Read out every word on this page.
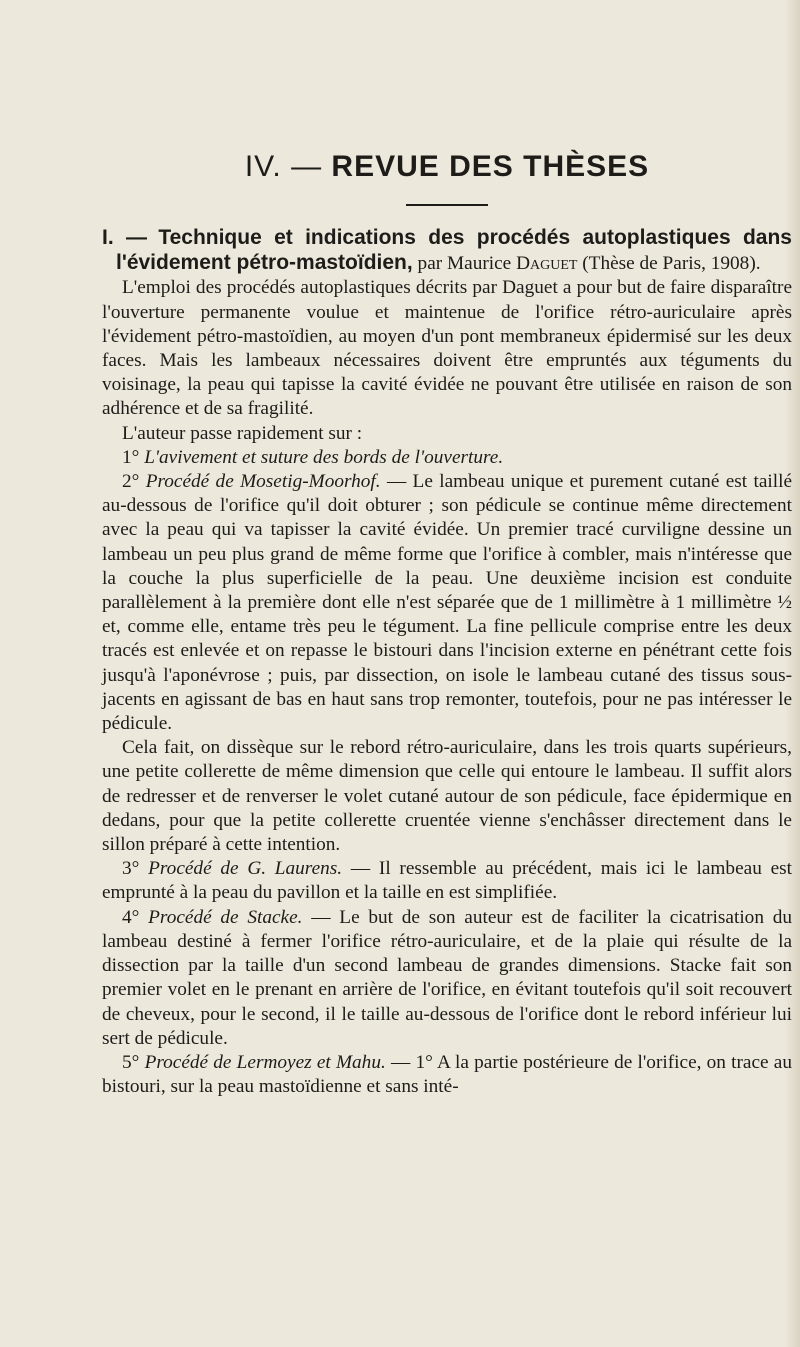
IV. — REVUE DES THÈSES

I. — Technique et indications des procédés autoplastiques dans l'évidement pétro-mastoïdien, par Maurice Daguet (Thèse de Paris, 1908).

L'emploi des procédés autoplastiques décrits par Daguet a pour but de faire disparaître l'ouverture permanente voulue et maintenue de l'orifice rétro-auriculaire après l'évidement pétro-mastoïdien, au moyen d'un pont membraneux épidermisé sur les deux faces. Mais les lambeaux nécessaires doivent être empruntés aux téguments du voisinage, la peau qui tapisse la cavité évidée ne pouvant être utilisée en raison de son adhérence et de sa fragilité.

L'auteur passe rapidement sur :

1° L'avivement et suture des bords de l'ouverture.

2° Procédé de Mosetig-Moorhof. — Le lambeau unique et purement cutané est taillé au-dessous de l'orifice qu'il doit obturer ; son pédicule se continue même directement avec la peau qui va tapisser la cavité évidée. Un premier tracé curviligne dessine un lambeau un peu plus grand de même forme que l'orifice à combler, mais n'intéresse que la couche la plus superficielle de la peau. Une deuxième incision est conduite parallèlement à la première dont elle n'est séparée que de 1 millimètre à 1 millimètre ½ et, comme elle, entame très peu le tégument. La fine pellicule comprise entre les deux tracés est enlevée et on repasse le bistouri dans l'incision externe en pénétrant cette fois jusqu'à l'aponévrose ; puis, par dissection, on isole le lambeau cutané des tissus sous-jacents en agissant de bas en haut sans trop remonter, toutefois, pour ne pas intéresser le pédicule.

Cela fait, on dissèque sur le rebord rétro-auriculaire, dans les trois quarts supérieurs, une petite collerette de même dimension que celle qui entoure le lambeau. Il suffit alors de redresser et de renverser le volet cutané autour de son pédicule, face épidermique en dedans, pour que la petite collerette cruentée vienne s'enchâsser directement dans le sillon préparé à cette intention.

3° Procédé de G. Laurens. — Il ressemble au précédent, mais ici le lambeau est emprunté à la peau du pavillon et la taille en est simplifiée.

4° Procédé de Stacke. — Le but de son auteur est de faciliter la cicatrisation du lambeau destiné à fermer l'orifice rétro-auriculaire, et de la plaie qui résulte de la dissection par la taille d'un second lambeau de grandes dimensions. Stacke fait son premier volet en le prenant en arrière de l'orifice, en évitant toutefois qu'il soit recouvert de cheveux, pour le second, il le taille au-dessous de l'orifice dont le rebord inférieur lui sert de pédicule.

5° Procédé de Lermoyez et Mahu. — 1° A la partie postérieure de l'orifice, on trace au bistouri, sur la peau mastoïdienne et sans inté-
